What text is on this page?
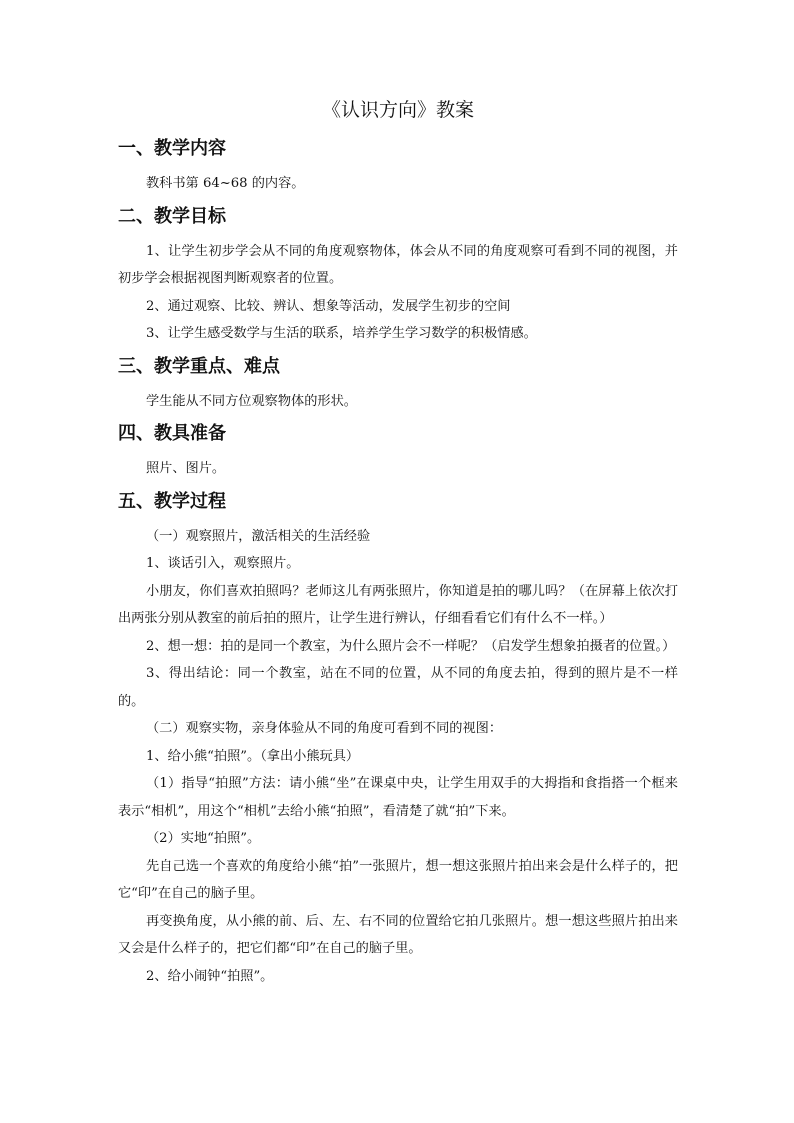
《认识方向》教案
一、教学内容

教科书第 64~68 的内容。

二、教学目标

1、让学生初步学会从不同的角度观察物体，体会从不同的角度观察可看到不同的视图，并初步学会根据视图判断观察者的位置。

2、通过观察、比较、辨认、想象等活动，发展学生初步的空间

3、让学生感受数学与生活的联系，培养学生学习数学的积极情感。

三、教学重点、难点

学生能从不同方位观察物体的形状。

四、教具准备

照片、图片。

五、教学过程

（一）观察照片，激活相关的生活经验

1、谈话引入，观察照片。

小朋友，你们喜欢拍照吗？老师这儿有两张照片，你知道是拍的哪儿吗？（在屏幕上依次打出两张分别从教室的前后拍的照片，让学生进行辨认，仔细看看它们有什么不一样。）

2、想一想：拍的是同一个教室，为什么照片会不一样呢？（启发学生想象拍摄者的位置。）

3、得出结论：同一个教室，站在不同的位置，从不同的角度去拍，得到的照片是不一样的。

（二）观察实物，亲身体验从不同的角度可看到不同的视图：

1、给小熊“拍照”。（拿出小熊玩具）

（1）指导“拍照”方法：请小熊“坐”在课桌中央，让学生用双手的大拇指和食指搭一个框来表示“相机”，用这个“相机”去给小熊“拍照”，看清楚了就“拍”下来。

（2）实地“拍照”。

先自己选一个喜欢的角度给小熊“拍”一张照片，想一想这张照片拍出来会是什么样子的，把它“印”在自己的脑子里。

再变换角度，从小熊的前、后、左、右不同的位置给它拍几张照片。想一想这些照片拍出来又会是什么样子的，把它们都“印”在自己的脑子里。

2、给小闹钟“拍照”。
